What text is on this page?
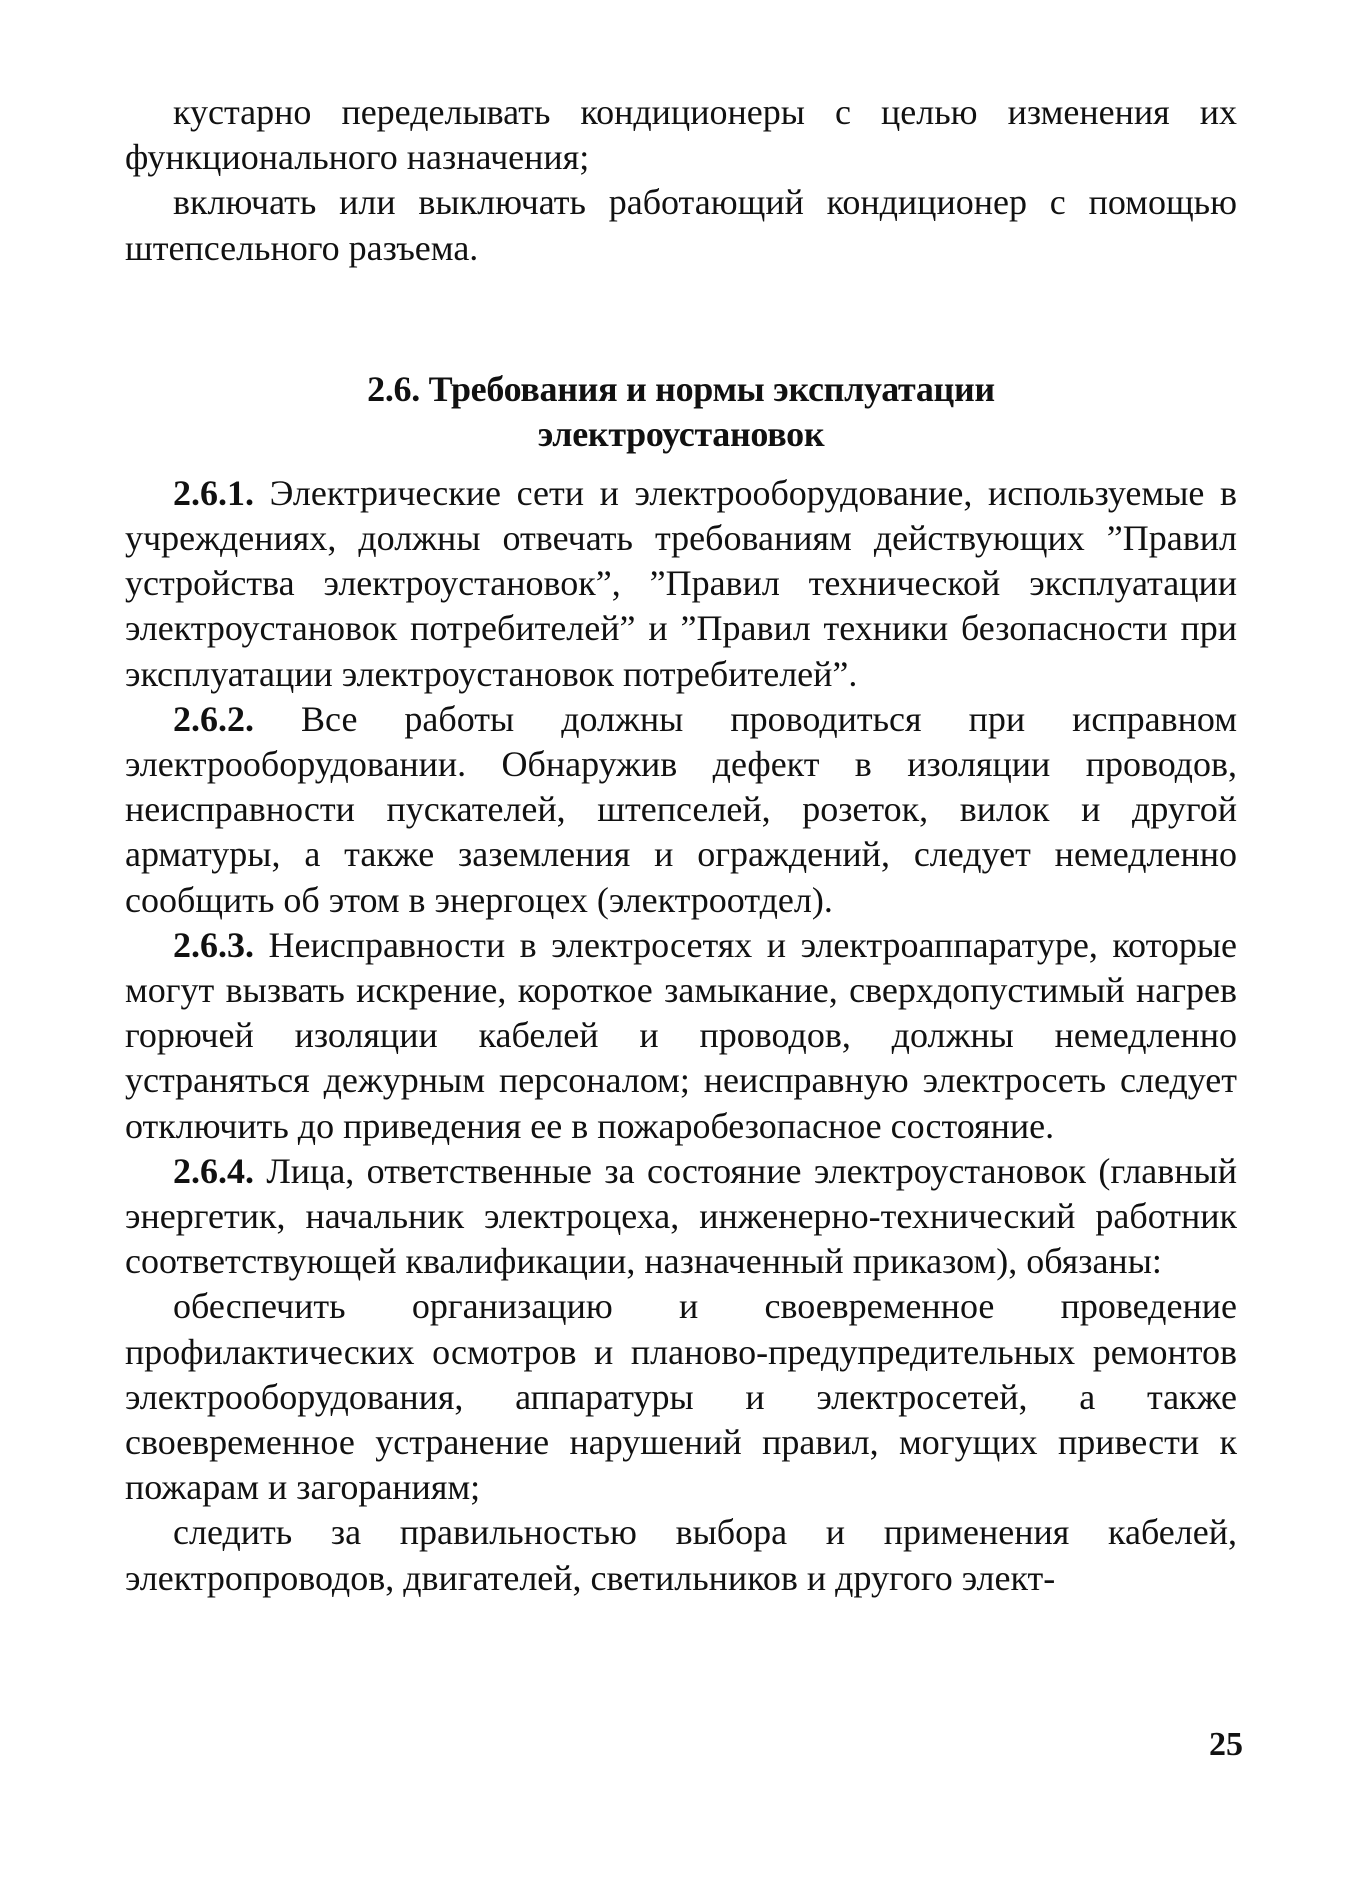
кустарно переделывать кондиционеры с целью изменения их функционального назначения;

включать или выключать работающий кондиционер с помощью штепсельного разъема.

2.6. Требования и нормы эксплуатации
электроустановок

2.6.1. Электрические сети и электрооборудование, используемые в учреждениях, должны отвечать требованиям действующих ”Правил устройства электроустановок”, ”Правил технической эксплуатации электроустановок потребителей” и ”Правил техники безопасности при эксплуатации электроустановок потребителей”.

2.6.2. Все работы должны проводиться при исправном электрооборудовании. Обнаружив дефект в изоляции проводов, неисправности пускателей, штепселей, розеток, вилок и другой арматуры, а также заземления и ограждений, следует немедленно сообщить об этом в энергоцех (электроотдел).

2.6.3. Неисправности в электросетях и электроаппаратуре, которые могут вызвать искрение, короткое замыкание, сверхдопустимый нагрев горючей изоляции кабелей и проводов, должны немедленно устраняться дежурным персоналом; неисправную электросеть следует отключить до приведения ее в пожаробезопасное состояние.

2.6.4. Лица, ответственные за состояние электроустановок (главный энергетик, начальник электроцеха, инженерно-технический работник соответствующей квалификации, назначенный приказом), обязаны:

обеспечить организацию и своевременное проведение профилактических осмотров и планово-предупредительных ремонтов электрооборудования, аппаратуры и электросетей, а также своевременное устранение нарушений правил, могущих привести к пожарам и загораниям;

следить за правильностью выбора и применения кабелей, электропроводов, двигателей, светильников и другого элект-

25
